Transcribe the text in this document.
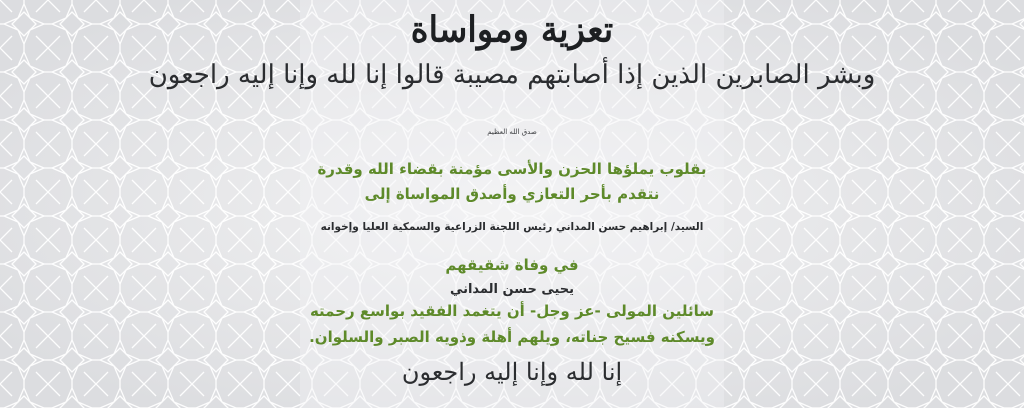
تعزية ومواساة
وبشر الصابرين الذين إذا أصابتهم مصيبة قالوا إنا لله وإنا إليه راجعون
صدق الله العظيم
بقلوب يملؤها الحزن والأسى مؤمنة بقضاء الله وقدرة
نتقدم بأحر التعازي وأصدق المواساة إلى
السيد/ إبراهيم حسن المداني رئيس اللجنة الزراعية والسمكية العليا وإخوانه
في وفاة شقيقهم
يحيى حسن المداني
سائلين المولى -عز وجل- أن يتغمد الفقيد بواسع رحمته
ويسكنه فسيح جناته، ويلهم أهلة وذويه الصبر والسلوان.
إنا لله وإنا إليه راجعون
